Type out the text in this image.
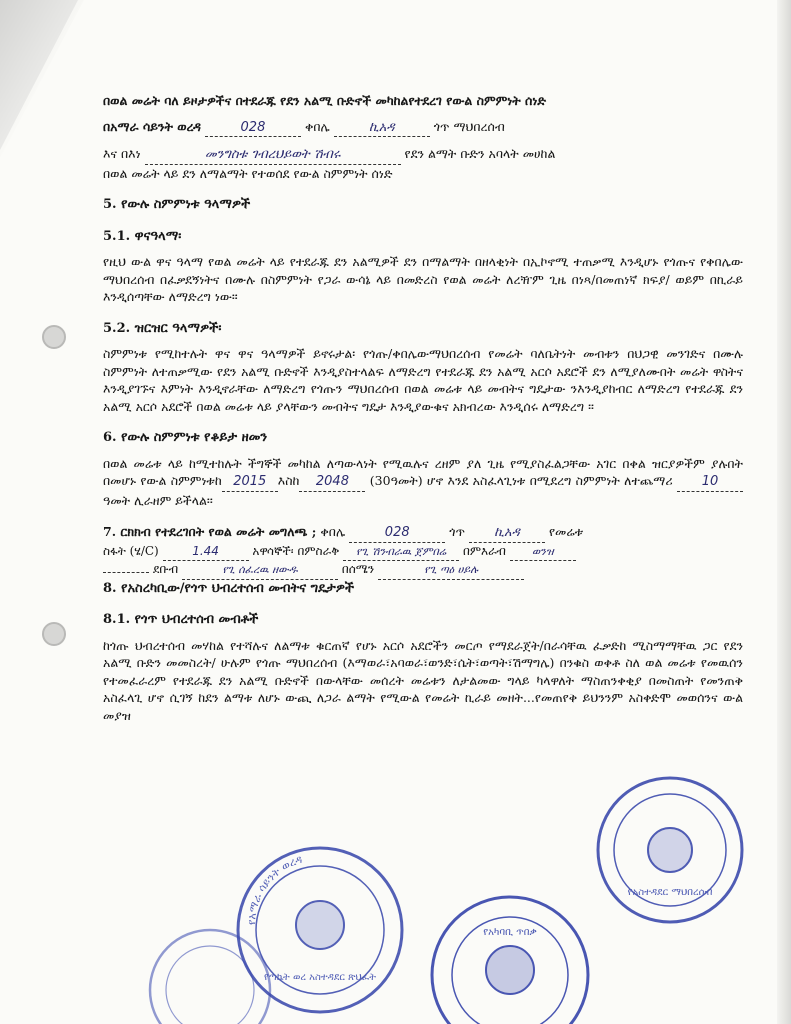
በወል መሬት ባለ ይዞታዎችና በተደራጁ የደን አልሚ ቡድኖች መካከልየተደረገ የውል ስምምነት ሰነድ

በአማራ ሳይንት ወረዳ	028	ቀበሌ	ኪአዳ	ጎጥ ማህበረሰብ

እና በእነ	መንግስቱ ገብረህይወት ሽብሩ	የደን ልማት ቡድን አባላት መሀከል

በወል መሬት ላይ ደን ለማልማት የተወሰደ የውል ስምምነት ሰነድ

5. የውሉ ስምምነቱ ዓላማዎች
5.1. ዋናዓላማ፡

የዚህ ውል ዋና ዓላማ የወል መሬት ላይ የተደራጁ ደን አልሚዎች ደን በማልማት በዘላቂነት በኢኮኖሚ ተጠቃሚ እንዲሆኑ የጎጡና የቀበሌው ማህበረሰብ በፈቃደኝነትና በሙሉ በስምምነት የጋራ ውሳኔ ላይ በመድረስ የወል መሬት ለረዥም ጊዜ በነጻ/በመጠነኛ ክፍያ/ ወይም በኪራይ እንዲሰጣቸው ለማድረግ ነው፡፡

5.2. ዝርዝር ዓላማዎች፡

ስምምነቱ የሚከተሉት ዋና ዋና ዓላማዎች ይኖሩታል፡ የጎጡ/ቀበሌውማህበረሰብ የመሬት ባለቤትነት መብቱን በህጋዊ መንገድና በሙሉ ስምምነት ለተጠቃሚው የደን አልሚ ቡድኖች እንዲያስተላልፍ ለማድረግ የተደራጁ ደን አልሚ አርሶ አደሮች ደን ለሚያለሙበት መሬት ዋስትና እንዲያገኙና እምነት እንዲኖራቸው ለማድረግ የጎጡን ማህበረሰብ በወል መሬቱ ላይ መብትና ግዴታው ንእንዲያከብር ለማድረግ የተደራጁ ደን አልሚ አርሶ አደሮች በወል መሬቱ ላይ ያላቸውን መብትና ግዴታ እንዲያውቁና አክብረው እንዲሰሩ ለማድረግ ፡፡

6. የውሉ ስምምነቱ የቆይታ ዘመን

በወል መሬቱ ላይ ከሚተከሉት ችግኞች መካከል ለጣውላነት የሚዉሉና ረዘም ያለ ጊዜ የሚያስፈልጋቸው አገር በቀል ዝርያዎችም ያሉበት በመሆኑ የውል ስምምነቱከ 2015 እስከ 2048 (30ዓመት) ሆኖ እንደ አስፈላጊነቱ በሚደረግ ስምምነት ለተጨማሪ 10 ዓመት ሊራዘም ይችላል፡፡

7. ርክክብ የተደረገበት የወል መሬት መግለጫ ; ቀበሌ	028	ጎጥ ኪአዳ የመሬቱ

ስፋት (ሄ/C)	1.44	አዋሳኞች፡ በምስራቅ የጊ ሽንብራዉ ጀምበሬ በምእራብ ወንዝ

ደቡብ	የጊ ሰፈረዉ ዘውዱ	በሰሜን	የጊ ጣዕ ሀይሉ

8. የአስረካቢው/የጎጥ ህብረተሰብ መብትና ግዴታዎች
8.1. የጎጥ ህብረተሰብ መብቶች

ከጎጡ ህብረተሰብ መሃከል የተሻሉና ለልማቱ ቁርጠኛ የሆኑ አርሶ አደሮችን መርጦ የማደራጀት/በራሳቸዉ ፈቃድከ ሚስማማቸዉ ጋር የደን አልሚ ቡድን መመስረት/ ሁሉም የጎጡ ማህበረሰብ (እማወራ፣አባወራ፣ወንድ፣ሴት፣ወጣት፣ሽማግሌ) በንቁስ ወቀቶ ስለ ወል መሬቱ የመዉሰን የተመፈራረም የተደራጁ ደን አልሚ ቡድኖች በውላቸው መሰረት መሬቱን ለታልመው ግላይ ካላዋለት ማስጠንቀቂያ በመስጠት የመንጠቅ አስፈላጊ ሆኖ ሲገኝ ከደን ልማቱ ለሆኑ ውጪ ለጋራ ልማት የሚውል የመሬት ኪራይ መዘት...የመጠየቅ ይህንንም አስቀድሞ መወሰንና ውል መያዝ

የአስተዳደር ማህበረሰብ
የአማራ ሳይንት ወረዳ
የጣኬት ወረ አስተዳደር ጽህፈት
የአካባቢ ጥበቃ
